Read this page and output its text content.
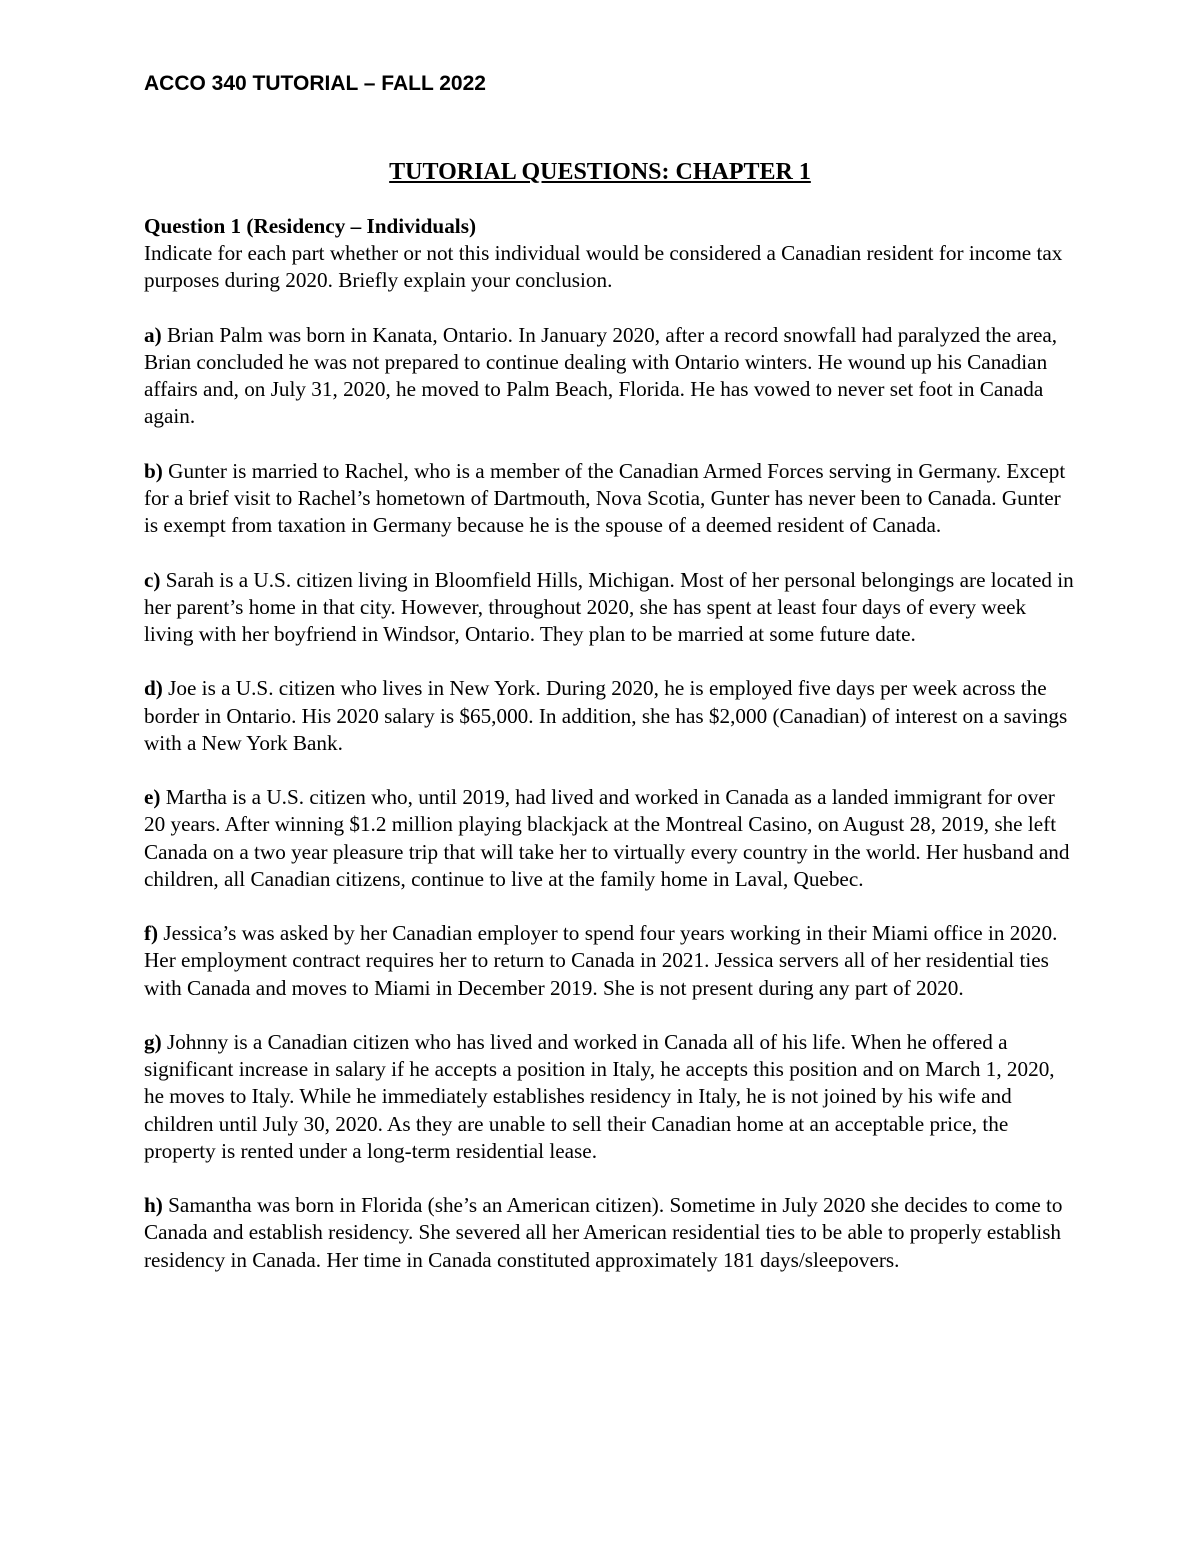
ACCO 340 TUTORIAL – FALL 2022

TUTORIAL QUESTIONS: CHAPTER 1

Question 1 (Residency – Individuals)
Indicate for each part whether or not this individual would be considered a Canadian resident for income tax purposes during 2020. Briefly explain your conclusion.

a) Brian Palm was born in Kanata, Ontario. In January 2020, after a record snowfall had paralyzed the area, Brian concluded he was not prepared to continue dealing with Ontario winters. He wound up his Canadian affairs and, on July 31, 2020, he moved to Palm Beach, Florida. He has vowed to never set foot in Canada again.

b) Gunter is married to Rachel, who is a member of the Canadian Armed Forces serving in Germany. Except for a brief visit to Rachel’s hometown of Dartmouth, Nova Scotia, Gunter has never been to Canada. Gunter is exempt from taxation in Germany because he is the spouse of a deemed resident of Canada.

c) Sarah is a U.S. citizen living in Bloomfield Hills, Michigan. Most of her personal belongings are located in her parent’s home in that city. However, throughout 2020, she has spent at least four days of every week living with her boyfriend in Windsor, Ontario. They plan to be married at some future date.

d) Joe is a U.S. citizen who lives in New York. During 2020, he is employed five days per week across the border in Ontario. His 2020 salary is $65,000. In addition, she has $2,000 (Canadian) of interest on a savings with a New York Bank.

e) Martha is a U.S. citizen who, until 2019, had lived and worked in Canada as a landed immigrant for over 20 years. After winning $1.2 million playing blackjack at the Montreal Casino, on August 28, 2019, she left Canada on a two year pleasure trip that will take her to virtually every country in the world. Her husband and children, all Canadian citizens, continue to live at the family home in Laval, Quebec.

f) Jessica’s was asked by her Canadian employer to spend four years working in their Miami office in 2020. Her employment contract requires her to return to Canada in 2021. Jessica servers all of her residential ties with Canada and moves to Miami in December 2019. She is not present during any part of 2020.

g) Johnny is a Canadian citizen who has lived and worked in Canada all of his life. When he offered a significant increase in salary if he accepts a position in Italy, he accepts this position and on March 1, 2020, he moves to Italy. While he immediately establishes residency in Italy, he is not joined by his wife and children until July 30, 2020. As they are unable to sell their Canadian home at an acceptable price, the property is rented under a long-term residential lease.

h) Samantha was born in Florida (she’s an American citizen). Sometime in July 2020 she decides to come to Canada and establish residency. She severed all her American residential ties to be able to properly establish residency in Canada. Her time in Canada constituted approximately 181 days/sleepovers.
